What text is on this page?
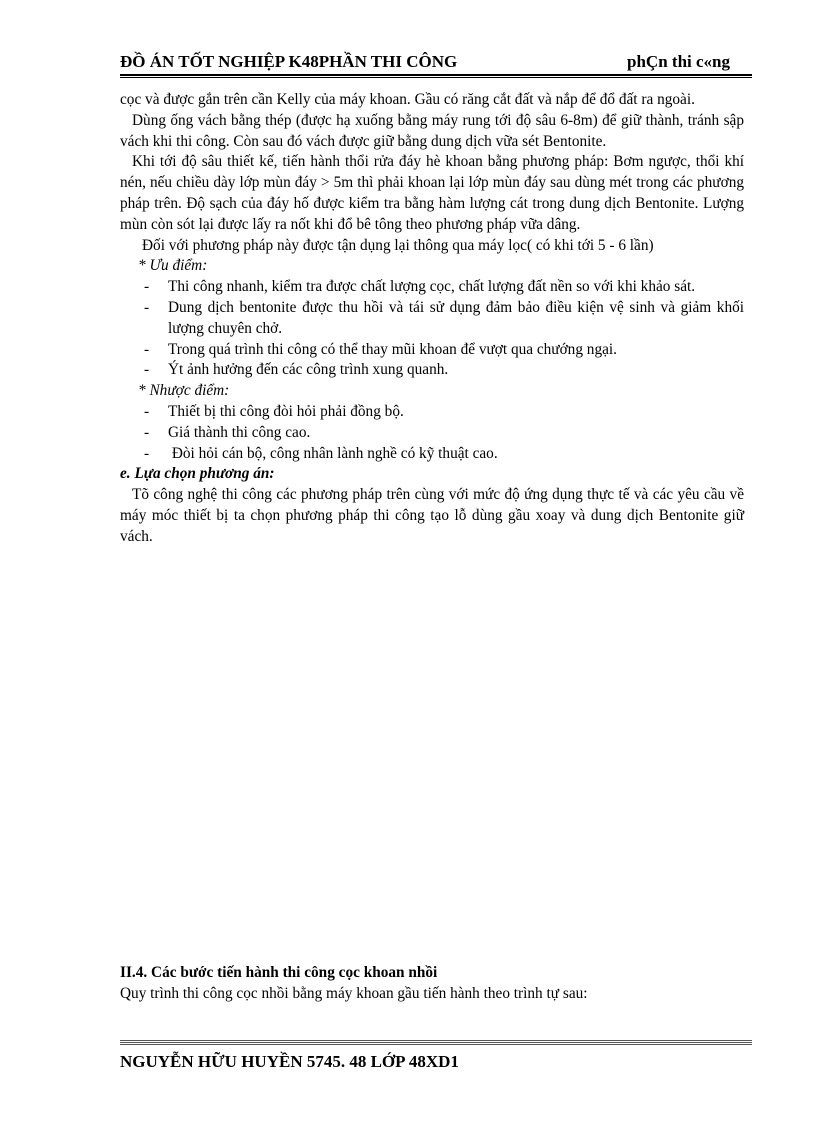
ĐỒ ÁN TỐT NGHIỆP K48PHẦN THI CÔNG	phÇn thi c«ng

cọc và được gắn trên cần Kelly của máy khoan. Gầu có răng cắt đất và nắp để đổ đất ra ngoài.

Dùng ống vách bằng thép (được hạ xuống bằng máy rung tới độ sâu 6-8m) để giữ thành, tránh sập vách khi thi công. Còn sau đó vách được giữ bằng dung dịch vữa sét Bentonite.

Khi tới độ sâu thiết kế, tiến hành thổi rửa đáy hè khoan bằng phương pháp: Bơm ngược, thổi khí nén, nếu chiều dày lớp mùn đáy > 5m thì phải khoan lại lớp mùn đáy sau dùng mét trong các phương pháp trên. Độ sạch của đáy hố được kiểm tra bằng hàm lượng cát trong dung dịch Bentonite. Lượng mùn còn sót lại được lấy ra nốt khi đổ bê tông theo phương pháp vữa dâng.

Đối với phương pháp này được tận dụng lại thông qua máy lọc( có khi tới 5 - 6 lần)

* Ưu điểm:

- Thi công nhanh, kiểm tra được chất lượng cọc, chất lượng đất nền so với khi khảo sát.

- Dung dịch bentonite được thu hồi và tái sử dụng đảm bảo điều kiện vệ sinh và giảm khối lượng chuyên chở.

- Trong quá trình thi công có thể thay mũi khoan để vượt qua chướng ngại.

- Ýt ảnh hưởng đến các công trình xung quanh.

* Nhược điểm:

- Thiết bị thi công đòi hỏi phải đồng bộ.

- Giá thành thi công cao.

- Đòi hỏi cán bộ, công nhân lành nghề có kỹ thuật cao.

e. Lựa chọn phương án:

Tõ công nghệ thi công các phương pháp trên cùng với mức độ ứng dụng thực tế và các yêu cầu về máy móc thiết bị ta chọn phương pháp thi công tạo lỗ dùng gầu xoay và dung dịch Bentonite giữ vách.

II.4. Các bước tiến hành thi công cọc khoan nhồi
Quy trình thi công cọc nhồi bằng máy khoan gầu tiến hành theo trình tự sau:
NGUYỄN HỮU HUYỀN 5745. 48 LỚP 48XD1
